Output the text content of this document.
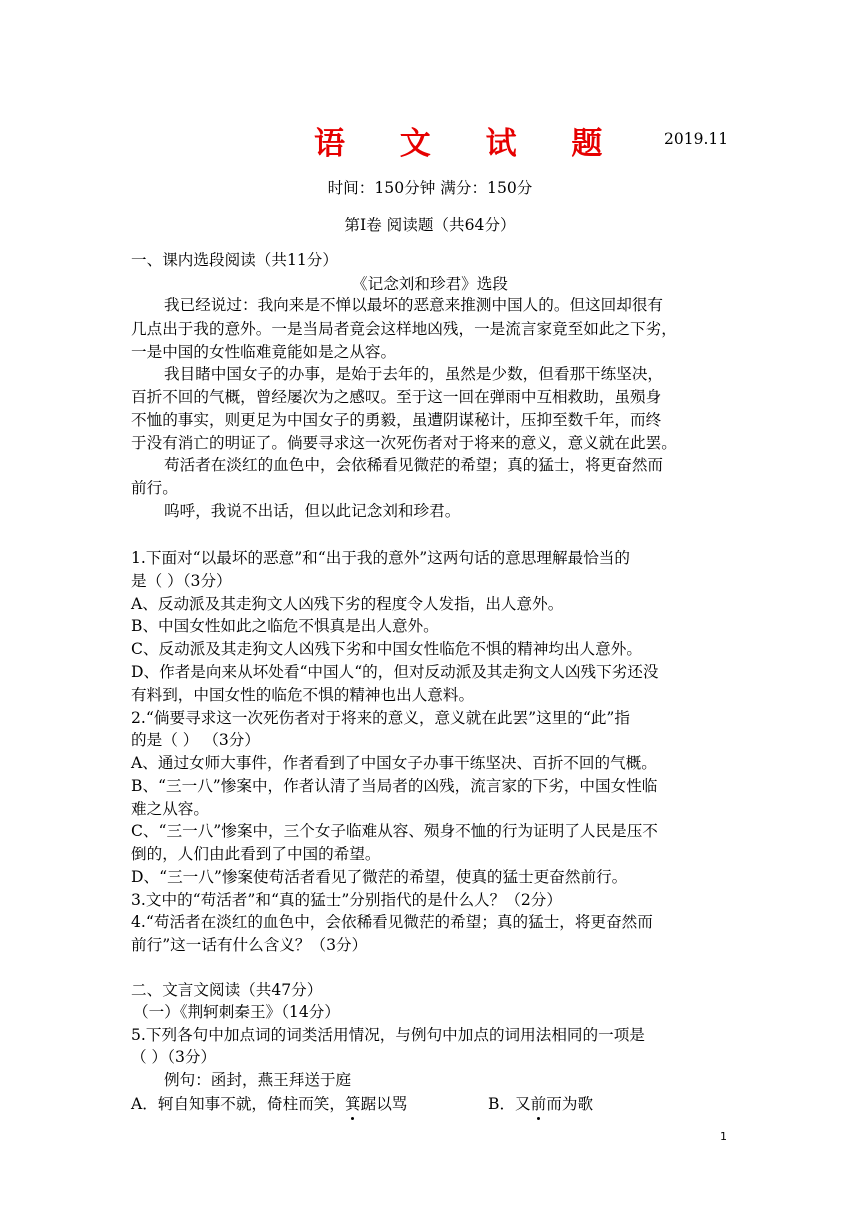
语 文 试 题	2019.11
时间：150分钟 满分：150分
第Ⅰ卷 阅读题（共64分）
一、课内选段阅读（共11分）
《记念刘和珍君》选段
我已经说过：我向来是不惮以最坏的恶意来推测中国人的。但这回却很有
几点出于我的意外。一是当局者竟会这样地凶残，一是流言家竟至如此之下劣，
一是中国的女性临难竟能如是之从容。
我目睹中国女子的办事，是始于去年的，虽然是少数，但看那干练坚决，
百折不回的气概，曾经屡次为之感叹。至于这一回在弹雨中互相救助，虽殒身
不恤的事实，则更足为中国女子的勇毅，虽遭阴谋秘计，压抑至数千年，而终
于没有消亡的明证了。倘要寻求这一次死伤者对于将来的意义，意义就在此罢。
苟活者在淡红的血色中，会依稀看见微茫的希望；真的猛士，将更奋然而
前行。
呜呼，我说不出话，但以此记念刘和珍君。
1.下面对“以最坏的恶意”和“出于我的意外”这两句话的意思理解最恰当的
是（ ）（3分）
A、反动派及其走狗文人凶残下劣的程度令人发指，出人意外。
B、中国女性如此之临危不惧真是出人意外。
C、反动派及其走狗文人凶残下劣和中国女性临危不惧的精神均出人意外。
D、作者是向来从坏处看“中国人“的，但对反动派及其走狗文人凶残下劣还没
有料到，中国女性的临危不惧的精神也出人意料。
2.“倘要寻求这一次死伤者对于将来的意义，意义就在此罢”这里的“此”指
的是（ ） （3分）
A、通过女师大事件，作者看到了中国女子办事干练坚决、百折不回的气概。
B、“三一八”惨案中，作者认清了当局者的凶残，流言家的下劣，中国女性临
难之从容。
C、“三一八”惨案中，三个女子临难从容、殒身不恤的行为证明了人民是压不
倒的，人们由此看到了中国的希望。
D、“三一八”惨案使苟活者看见了微茫的希望，使真的猛士更奋然前行。
3.文中的“苟活者”和“真的猛士”分别指代的是什么人？（2分）
4.“苟活者在淡红的血色中，会依稀看见微茫的希望；真的猛士，将更奋然而
前行”这一话有什么含义？（3分）
二、文言文阅读（共47分）
（一）《荆轲刺秦王》（14分）
5.下列各句中加点词的词类活用情况，与例句中加点的词用法相同的一项是
（ ）（3分）
例句：函封，燕王拜送于庭
A．轲自知事不就，倚柱而笑，箕踞以骂	B．又前而为歌
1
